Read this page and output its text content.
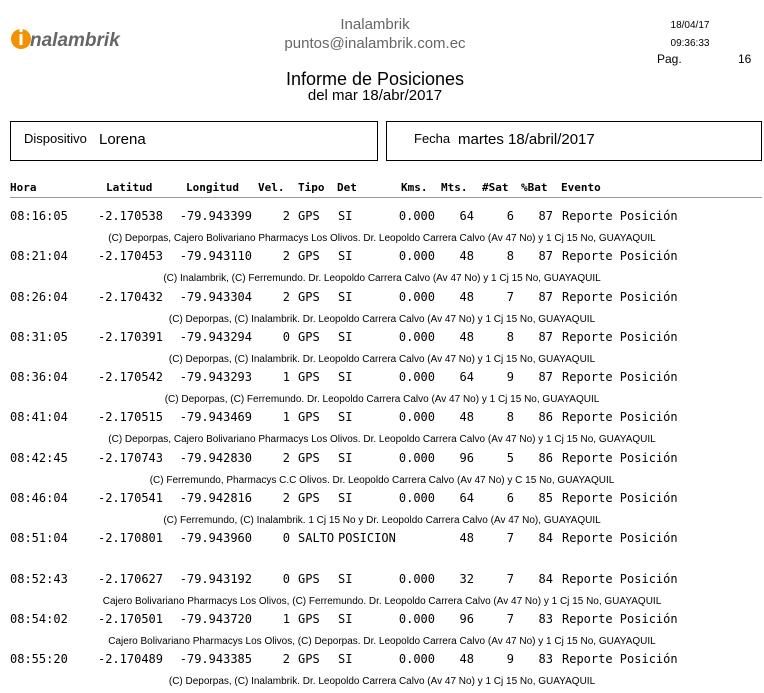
nalambrik
Inalambrik
puntos@inalambrik.com.ec
18/04/17
09:36:33
Pag.	16
Informe de Posiciones
del mar 18/abr/2017
Dispositivo Lorena	Fecha martes 18/abril/2017
Hora	Latitud	Longitud Vel. Tipo Det	Kms. Mts. #Sat %Bat Evento
08:16:05	-2.170538 -79.943399	2 GPS SI	0.000 64	6 87 Reporte Posición
(C) Deporpas, Cajero Bolivariano Pharmacys Los Olivos. Dr. Leopoldo Carrera Calvo (Av 47 No) y 1 Cj 15 No, GUAYAQUIL
08:21:04	-2.170453 -79.943110	2 GPS SI	0.000 48	8 87 Reporte Posición
(C) Inalambrik, (C) Ferremundo. Dr. Leopoldo Carrera Calvo (Av 47 No) y 1 Cj 15 No, GUAYAQUIL
08:26:04	-2.170432 -79.943304	2 GPS SI	0.000 48	7 87 Reporte Posición
(C) Deporpas, (C) Inalambrik. Dr. Leopoldo Carrera Calvo (Av 47 No) y 1 Cj 15 No, GUAYAQUIL
08:31:05	-2.170391 -79.943294	0 GPS SI	0.000 48	8 87 Reporte Posición
(C) Deporpas, (C) Inalambrik. Dr. Leopoldo Carrera Calvo (Av 47 No) y 1 Cj 15 No, GUAYAQUIL
08:36:04	-2.170542 -79.943293	1 GPS SI	0.000 64	9 87 Reporte Posición
(C) Deporpas, (C) Ferremundo. Dr. Leopoldo Carrera Calvo (Av 47 No) y 1 Cj 15 No, GUAYAQUIL
08:41:04	-2.170515 -79.943469	1 GPS SI	0.000 48	8 86 Reporte Posición
(C) Deporpas, Cajero Bolivariano Pharmacys Los Olivos. Dr. Leopoldo Carrera Calvo (Av 47 No) y 1 Cj 15 No, GUAYAQUIL
08:42:45	-2.170743 -79.942830	2 GPS SI	0.000 96	5 86 Reporte Posición
(C) Ferremundo, Pharmacys C.C Olivos. Dr. Leopoldo Carrera Calvo (Av 47 No) y C 15 No, GUAYAQUIL
08:46:04	-2.170541 -79.942816	2 GPS SI	0.000 64	6 85 Reporte Posición
(C) Ferremundo, (C) Inalambrik. 1 Cj 15 No y Dr. Leopoldo Carrera Calvo (Av 47 No), GUAYAQUIL
08:51:04	-2.170801 -79.943960	0 SALTO POSICION	48	7 84 Reporte Posición
08:52:43	-2.170627 -79.943192	0 GPS SI	0.000 32	7 84 Reporte Posición
Cajero Bolivariano Pharmacys Los Olivos, (C) Ferremundo. Dr. Leopoldo Carrera Calvo (Av 47 No) y 1 Cj 15 No, GUAYAQUIL
08:54:02	-2.170501 -79.943720	1 GPS SI	0.000 96	7 83 Reporte Posición
Cajero Bolivariano Pharmacys Los Olivos, (C) Deporpas. Dr. Leopoldo Carrera Calvo (Av 47 No) y 1 Cj 15 No, GUAYAQUIL
08:55:20	-2.170489 -79.943385	2 GPS SI	0.000 48	9 83 Reporte Posición
(C) Deporpas, (C) Inalambrik. Dr. Leopoldo Carrera Calvo (Av 47 No) y 1 Cj 15 No, GUAYAQUIL
